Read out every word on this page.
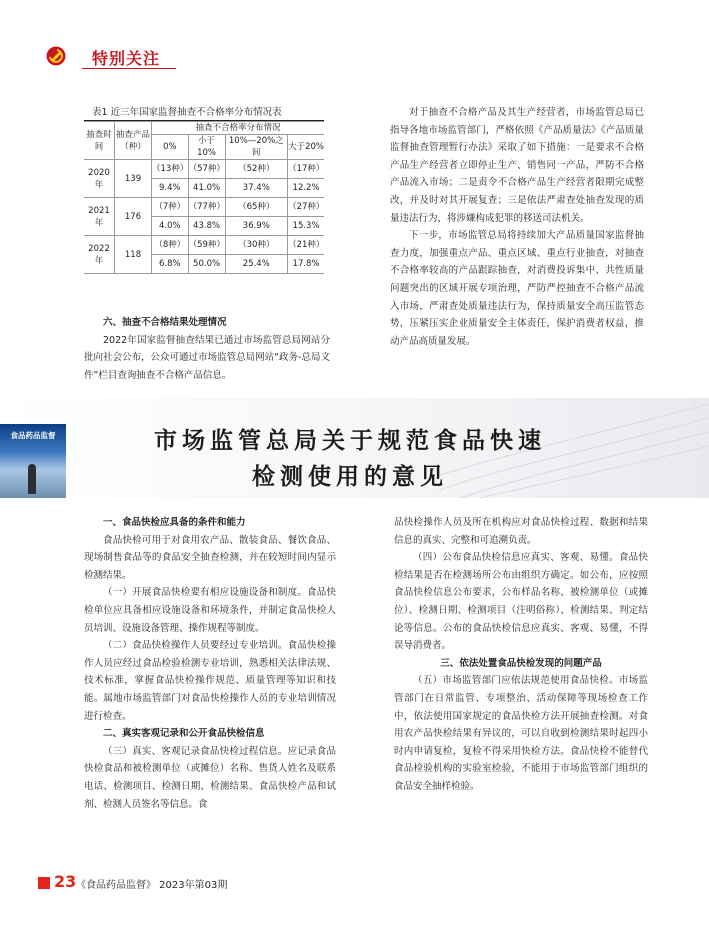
特别关注
表1 近三年国家监督抽查不合格率分布情况表
抽查时间	抽查产品（种）	抽查不合格率分布情况			
		0%	小于10%	10%—20%之间	大于20%
2020年	139	（13种）	（57种）	（52种）	（17种）
		9.4%	41.0%	37.4%	12.2%
2021年	176	（7种）	（77种）	（65种）	（27种）
		4.0%	43.8%	36.9%	15.3%
2022年	118	（8种）	（59种）	（30种）	（21种）
		6.8%	50.0%	25.4%	17.8%

六、抽查不合格结果处理情况

2022年国家监督抽查结果已通过市场监管总局网站分批向社会公布，公众可通过市场监管总局网站“政务-总局文件”栏目查询抽查不合格产品信息。

对于抽查不合格产品及其生产经营者，市场监管总局已指导各地市场监管部门，严格依照《产品质量法》《产品质量监督抽查管理暂行办法》采取了如下措施：一是要求不合格产品生产经营者立即停止生产、销售同一产品，严防不合格产品流入市场；二是责令不合格产品生产经营者限期完成整改，并及时对其开展复查；三是依法严肃查处抽查发现的质量违法行为，将涉嫌构成犯罪的移送司法机关。

下一步，市场监管总局将持续加大产品质量国家监督抽查力度，加强重点产品、重点区域、重点行业抽查，对抽查不合格率较高的产品跟踪抽查，对消费投诉集中、共性质量问题突出的区域开展专项治理，严防严控抽查不合格产品流入市场，严肃查处质量违法行为，保持质量安全高压监管态势，压紧压实企业质量安全主体责任，保护消费者权益，推动产品高质量发展。

食品药品监督	市场监管总局关于规范食品快速
检测使用的意见

一、食品快检应具备的条件和能力

食品快检可用于对食用农产品、散装食品、餐饮食品、现场制售食品等的食品安全抽查检测，并在较短时间内显示检测结果。

（一）开展食品快检要有相应设施设备和制度。食品快检单位应具备相应设施设备和环境条件，并制定食品快检人员培训、设施设备管理、操作规程等制度。

（二）食品快检操作人员要经过专业培训。食品快检操作人员应经过食品检验检测专业培训，熟悉相关法律法规、技术标准，掌握食品快检操作规范、质量管理等知识和技能。属地市场监管部门对食品快检操作人员的专业培训情况进行检查。

二、真实客观记录和公开食品快检信息

（三）真实、客观记录食品快检过程信息。应记录食品快检食品和被检测单位（或摊位）名称、售货人姓名及联系电话、检测项目、检测日期、检测结果、食品快检产品和试剂、检测人员签名等信息。食

品快检操作人员及所在机构应对食品快检过程、数据和结果信息的真实、完整和可追溯负责。

（四）公布食品快检信息应真实、客观、易懂。食品快检结果是否在检测场所公布由组织方确定。如公布，应按照食品快检信息公布要求，公布样品名称、被检测单位（或摊位）、检测日期、检测项目（注明俗称）、检测结果、判定结论等信息。公布的食品快检信息应真实、客观、易懂，不得误导消费者。

三、依法处置食品快检发现的问题产品

（五）市场监管部门应依法规范使用食品快检。市场监管部门在日常监管、专项整治、活动保障等现场检查工作中，依法使用国家规定的食品快检方法开展抽查检测。对食用农产品快检结果有异议的，可以自收到检测结果时起四小时内申请复检，复检不得采用快检方法。食品快检不能替代食品检验机构的实验室检验，不能用于市场监管部门组织的食品安全抽样检验。

23 《食品药品监督》 2023年第03期
